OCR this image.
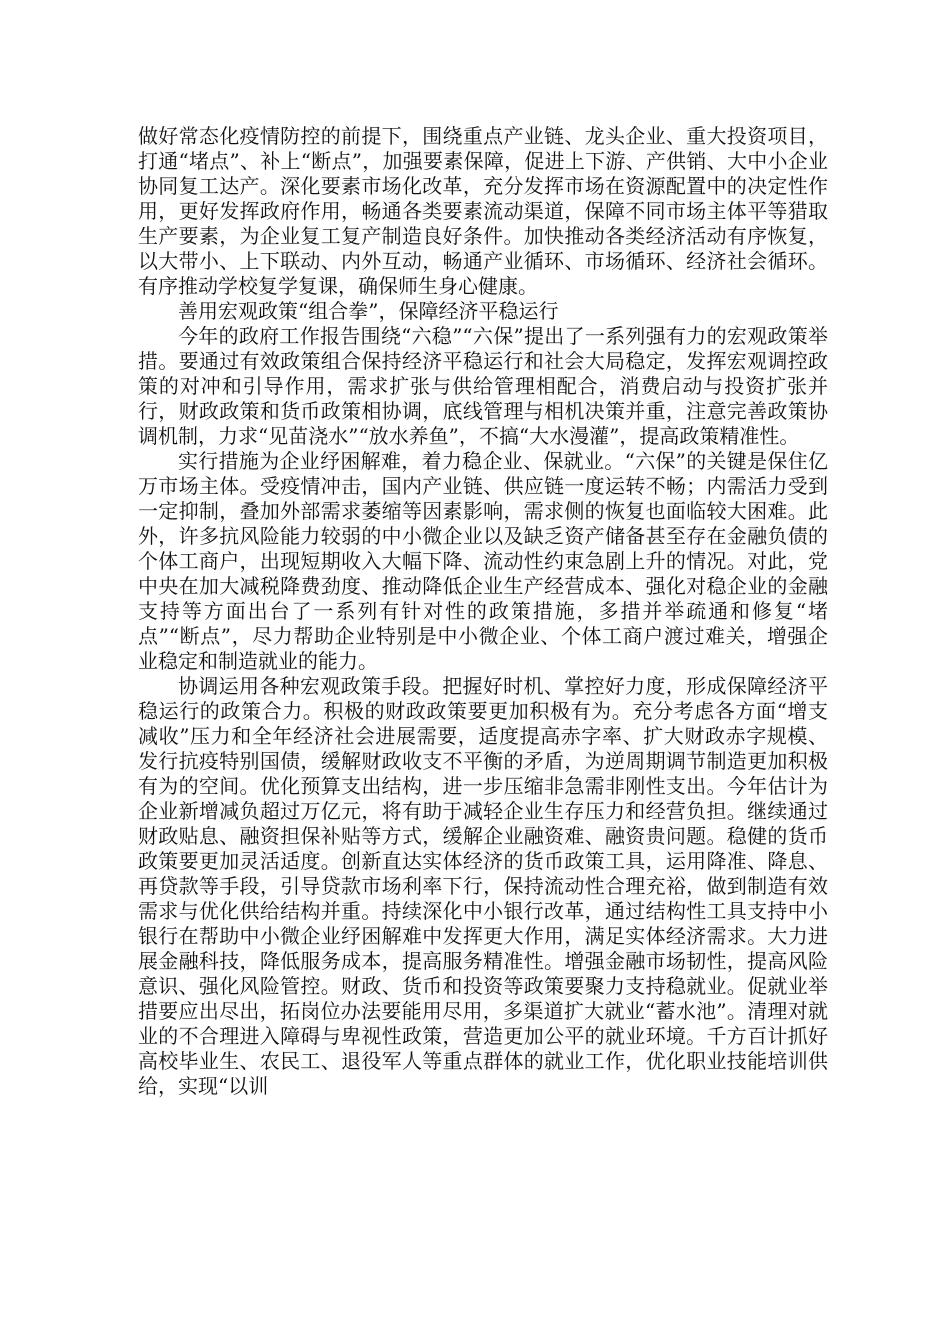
做好常态化疫情防控的前提下，围绕重点产业链、龙头企业、重大投资项目，打通“堵点”、补上“断点”，加强要素保障，促进上下游、产供销、大中小企业协同复工达产。深化要素市场化改革，充分发挥市场在资源配置中的决定性作用，更好发挥政府作用，畅通各类要素流动渠道，保障不同市场主体平等猎取生产要素，为企业复工复产制造良好条件。加快推动各类经济活动有序恢复，以大带小、上下联动、内外互动，畅通产业循环、市场循环、经济社会循环。有序推动学校复学复课，确保师生身心健康。

善用宏观政策“组合拳”，保障经济平稳运行

今年的政府工作报告围绕“六稳”“六保”提出了一系列强有力的宏观政策举措。要通过有效政策组合保持经济平稳运行和社会大局稳定，发挥宏观调控政策的对冲和引导作用，需求扩张与供给管理相配合，消费启动与投资扩张并行，财政政策和货币政策相协调，底线管理与相机决策并重，注意完善政策协调机制，力求“见苗浇水”“放水养鱼”，不搞“大水漫灌”，提高政策精准性。

实行措施为企业纾困解难，着力稳企业、保就业。“六保”的关键是保住亿万市场主体。受疫情冲击，国内产业链、供应链一度运转不畅；内需活力受到一定抑制，叠加外部需求萎缩等因素影响，需求侧的恢复也面临较大困难。此外，许多抗风险能力较弱的中小微企业以及缺乏资产储备甚至存在金融负债的个体工商户，出现短期收入大幅下降、流动性约束急剧上升的情况。对此，党中央在加大减税降费劲度、推动降低企业生产经营成本、强化对稳企业的金融支持等方面出台了一系列有针对性的政策措施，多措并举疏通和修复“堵点”“断点”，尽力帮助企业特别是中小微企业、个体工商户渡过难关，增强企业稳定和制造就业的能力。

协调运用各种宏观政策手段。把握好时机、掌控好力度，形成保障经济平稳运行的政策合力。积极的财政政策要更加积极有为。充分考虑各方面“增支减收”压力和全年经济社会进展需要，适度提高赤字率、扩大财政赤字规模、发行抗疫特别国债，缓解财政收支不平衡的矛盾，为逆周期调节制造更加积极有为的空间。优化预算支出结构，进一步压缩非急需非刚性支出。今年估计为企业新增减负超过万亿元，将有助于减轻企业生存压力和经营负担。继续通过财政贴息、融资担保补贴等方式，缓解企业融资难、融资贵问题。稳健的货币政策要更加灵活适度。创新直达实体经济的货币政策工具，运用降准、降息、再贷款等手段，引导贷款市场利率下行，保持流动性合理充裕，做到制造有效需求与优化供给结构并重。持续深化中小银行改革，通过结构性工具支持中小银行在帮助中小微企业纾困解难中发挥更大作用，满足实体经济需求。大力进展金融科技，降低服务成本，提高服务精准性。增强金融市场韧性，提高风险意识、强化风险管控。财政、货币和投资等政策要聚力支持稳就业。促就业举措要应出尽出，拓岗位办法要能用尽用，多渠道扩大就业“蓄水池”。清理对就业的不合理进入障碍与卑视性政策，营造更加公平的就业环境。千方百计抓好高校毕业生、农民工、退役军人等重点群体的就业工作，优化职业技能培训供给，实现“以训
